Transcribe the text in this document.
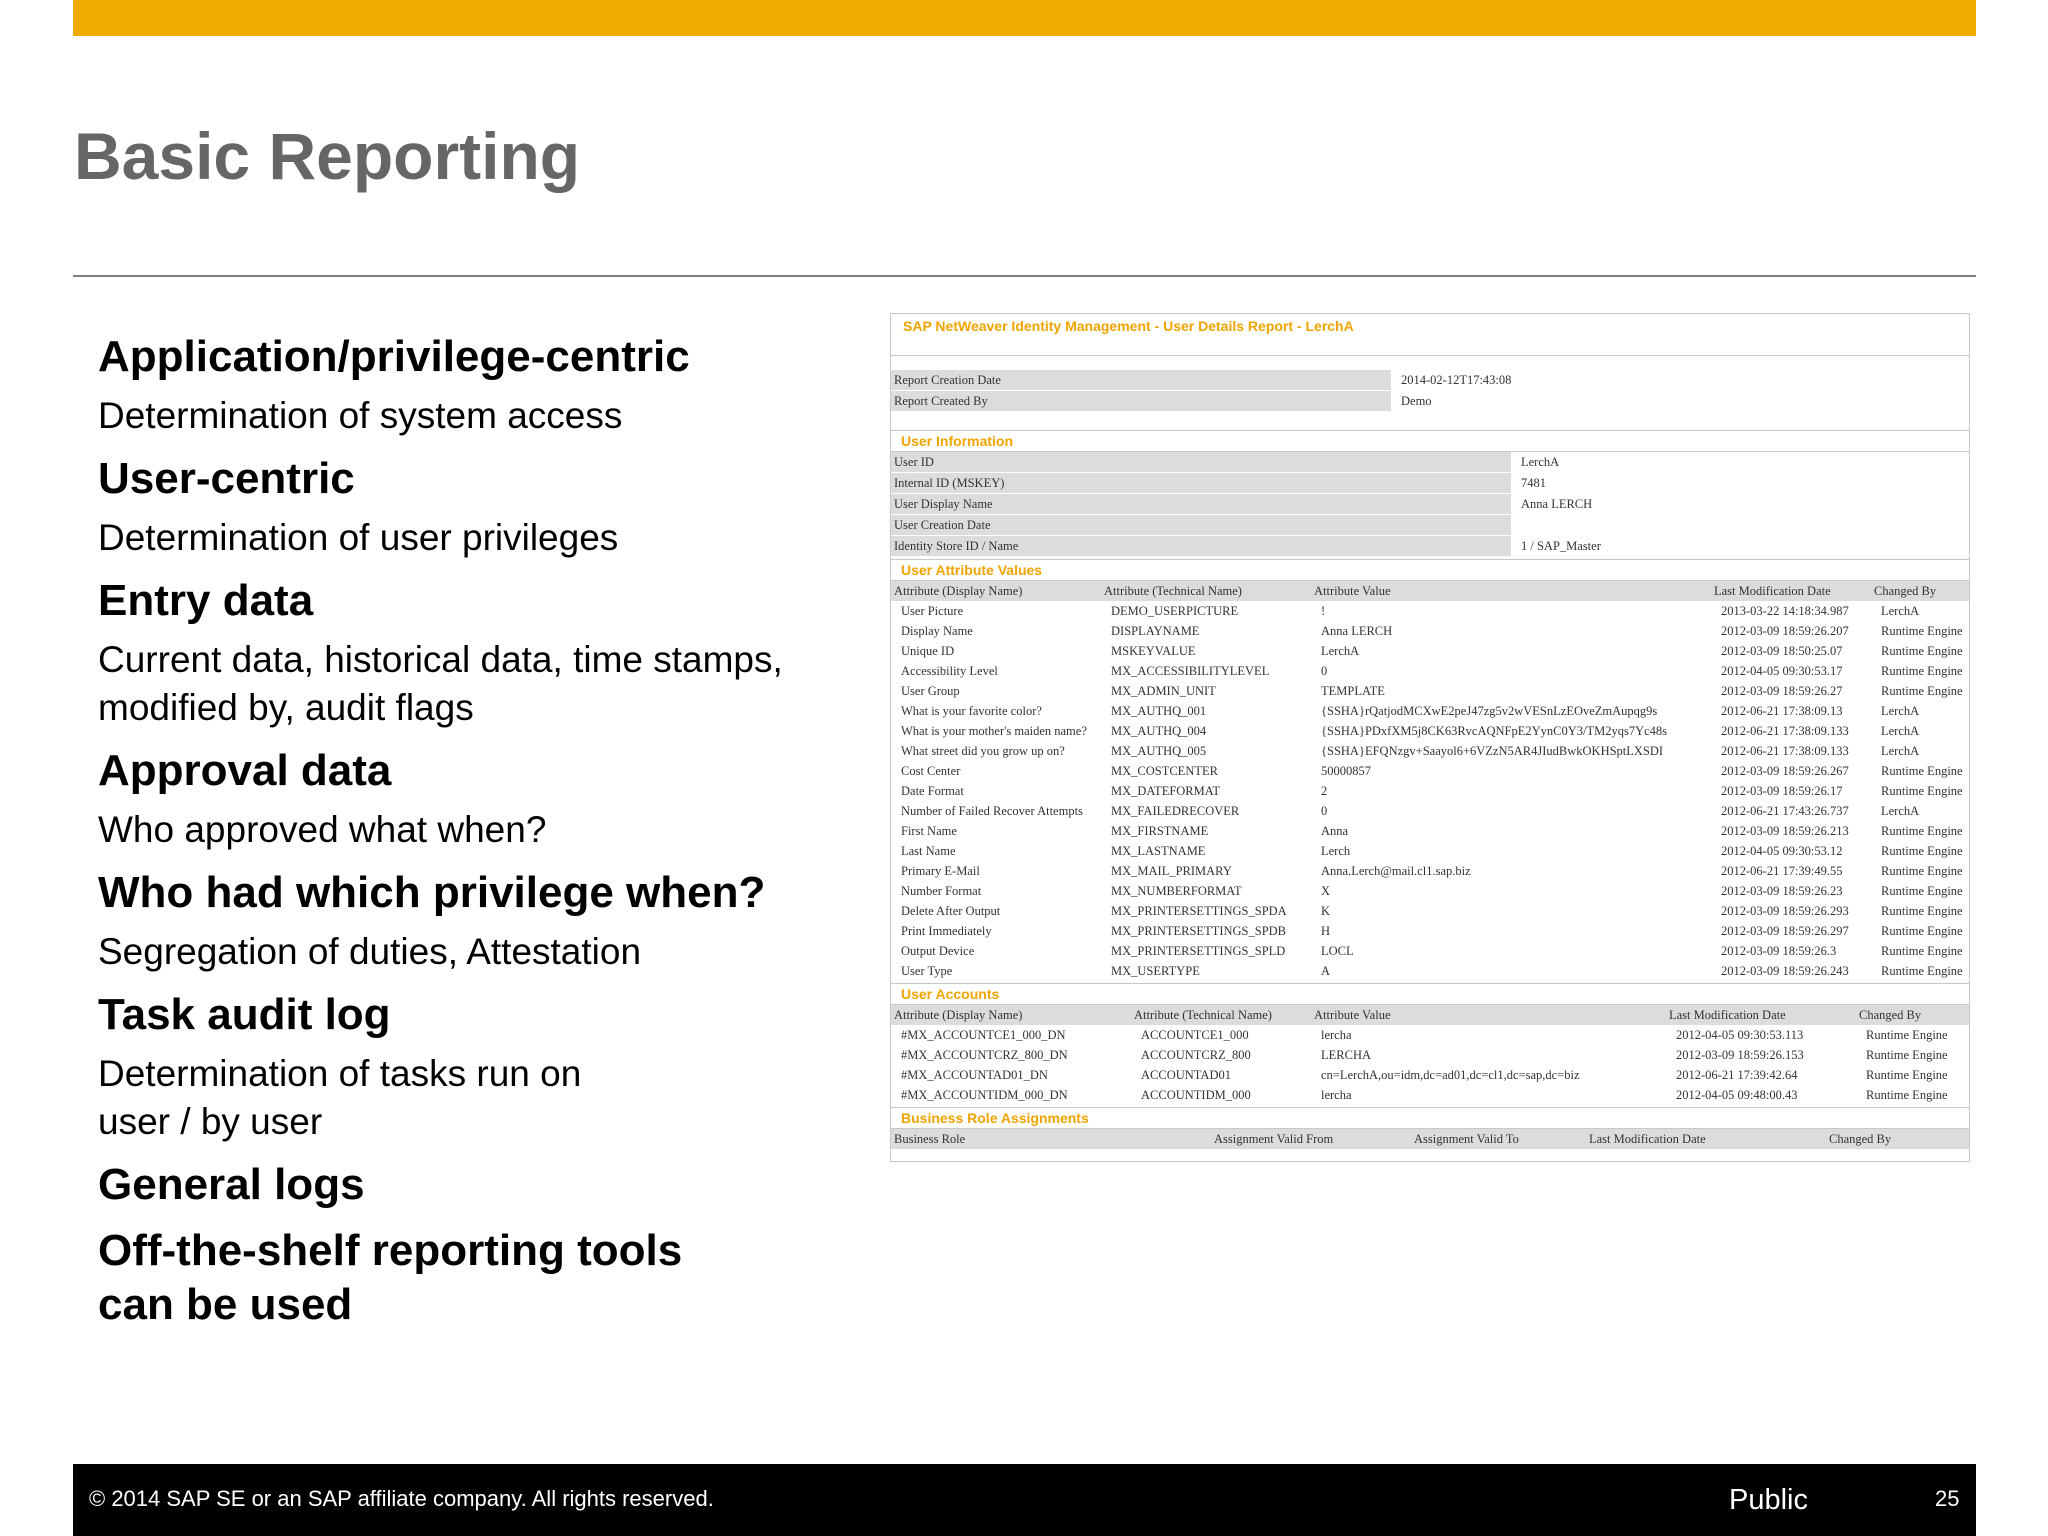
Basic Reporting

Application/privilege-centric

Determination of system access

User-centric

Determination of user privileges

Entry data

Current data, historical data, time stamps, modified by, audit flags

Approval data

Who approved what when?

Who had which privilege when?

Segregation of duties, Attestation

Task audit log

Determination of tasks run on user / by user

General logs

Off-the-shelf reporting tools can be used

SAP NetWeaver Identity Management - User Details Report - LerchA
Report Creation Date	2014-02-12T17:43:08
Report Created By	Demo
User Information
User ID	LerchA
Internal ID (MSKEY)	7481
User Display Name	Anna LERCH
User Creation Date	
Identity Store ID / Name	1 / SAP_Master
User Attribute Values
Attribute (Display Name)	Attribute (Technical Name)	Attribute Value	Last Modification Date	Changed By
User Picture	DEMO_USERPICTURE	!	2013-03-22 14:18:34.987	LerchA
Display Name	DISPLAYNAME	Anna LERCH	2012-03-09 18:59:26.207	Runtime Engine
Unique ID	MSKEYVALUE	LerchA	2012-03-09 18:50:25.07	Runtime Engine
Accessibility Level	MX_ACCESSIBILITYLEVEL	0	2012-04-05 09:30:53.17	Runtime Engine
User Group	MX_ADMIN_UNIT	TEMPLATE	2012-03-09 18:59:26.27	Runtime Engine
What is your favorite color?	MX_AUTHQ_001	{SSHA}rQatjodMCXwE2peJ47zg5v2wVESnLzEOveZmAupqg9s	2012-06-21 17:38:09.13	LerchA
What is your mother's maiden name?	MX_AUTHQ_004	{SSHA}PDxfXM5j8CK63RvcAQNFpE2YynC0Y3/TM2yqs7Yc48s	2012-06-21 17:38:09.133	LerchA
What street did you grow up on?	MX_AUTHQ_005	{SSHA}EFQNzgv+Saayol6+6VZzN5AR4JIudBwkOKHSptLXSDI	2012-06-21 17:38:09.133	LerchA
Cost Center	MX_COSTCENTER	50000857	2012-03-09 18:59:26.267	Runtime Engine
Date Format	MX_DATEFORMAT	2	2012-03-09 18:59:26.17	Runtime Engine
Number of Failed Recover Attempts	MX_FAILEDRECOVER	0	2012-06-21 17:43:26.737	LerchA
First Name	MX_FIRSTNAME	Anna	2012-03-09 18:59:26.213	Runtime Engine
Last Name	MX_LASTNAME	Lerch	2012-04-05 09:30:53.12	Runtime Engine
Primary E-Mail	MX_MAIL_PRIMARY	Anna.Lerch@mail.cl1.sap.biz	2012-06-21 17:39:49.55	Runtime Engine
Number Format	MX_NUMBERFORMAT	X	2012-03-09 18:59:26.23	Runtime Engine
Delete After Output	MX_PRINTERSETTINGS_SPDA	K	2012-03-09 18:59:26.293	Runtime Engine
Print Immediately	MX_PRINTERSETTINGS_SPDB	H	2012-03-09 18:59:26.297	Runtime Engine
Output Device	MX_PRINTERSETTINGS_SPLD	LOCL	2012-03-09 18:59:26.3	Runtime Engine
User Type	MX_USERTYPE	A	2012-03-09 18:59:26.243	Runtime Engine
User Accounts
Attribute (Display Name)	Attribute (Technical Name)	Attribute Value	Last Modification Date	Changed By
#MX_ACCOUNTCE1_000_DN	ACCOUNTCE1_000	lercha	2012-04-05 09:30:53.113	Runtime Engine
#MX_ACCOUNTCRZ_800_DN	ACCOUNTCRZ_800	LERCHA	2012-03-09 18:59:26.153	Runtime Engine
#MX_ACCOUNTAD01_DN	ACCOUNTAD01	cn=LerchA,ou=idm,dc=ad01,dc=cl1,dc=sap,dc=biz	2012-06-21 17:39:42.64	Runtime Engine
#MX_ACCOUNTIDM_000_DN	ACCOUNTIDM_000	lercha	2012-04-05 09:48:00.43	Runtime Engine
Business Role Assignments
Business Role	Assignment Valid From	Assignment Valid To	Last Modification Date	Changed By
© 2014 SAP SE or an SAP affiliate company. All rights reserved.	Public	25
